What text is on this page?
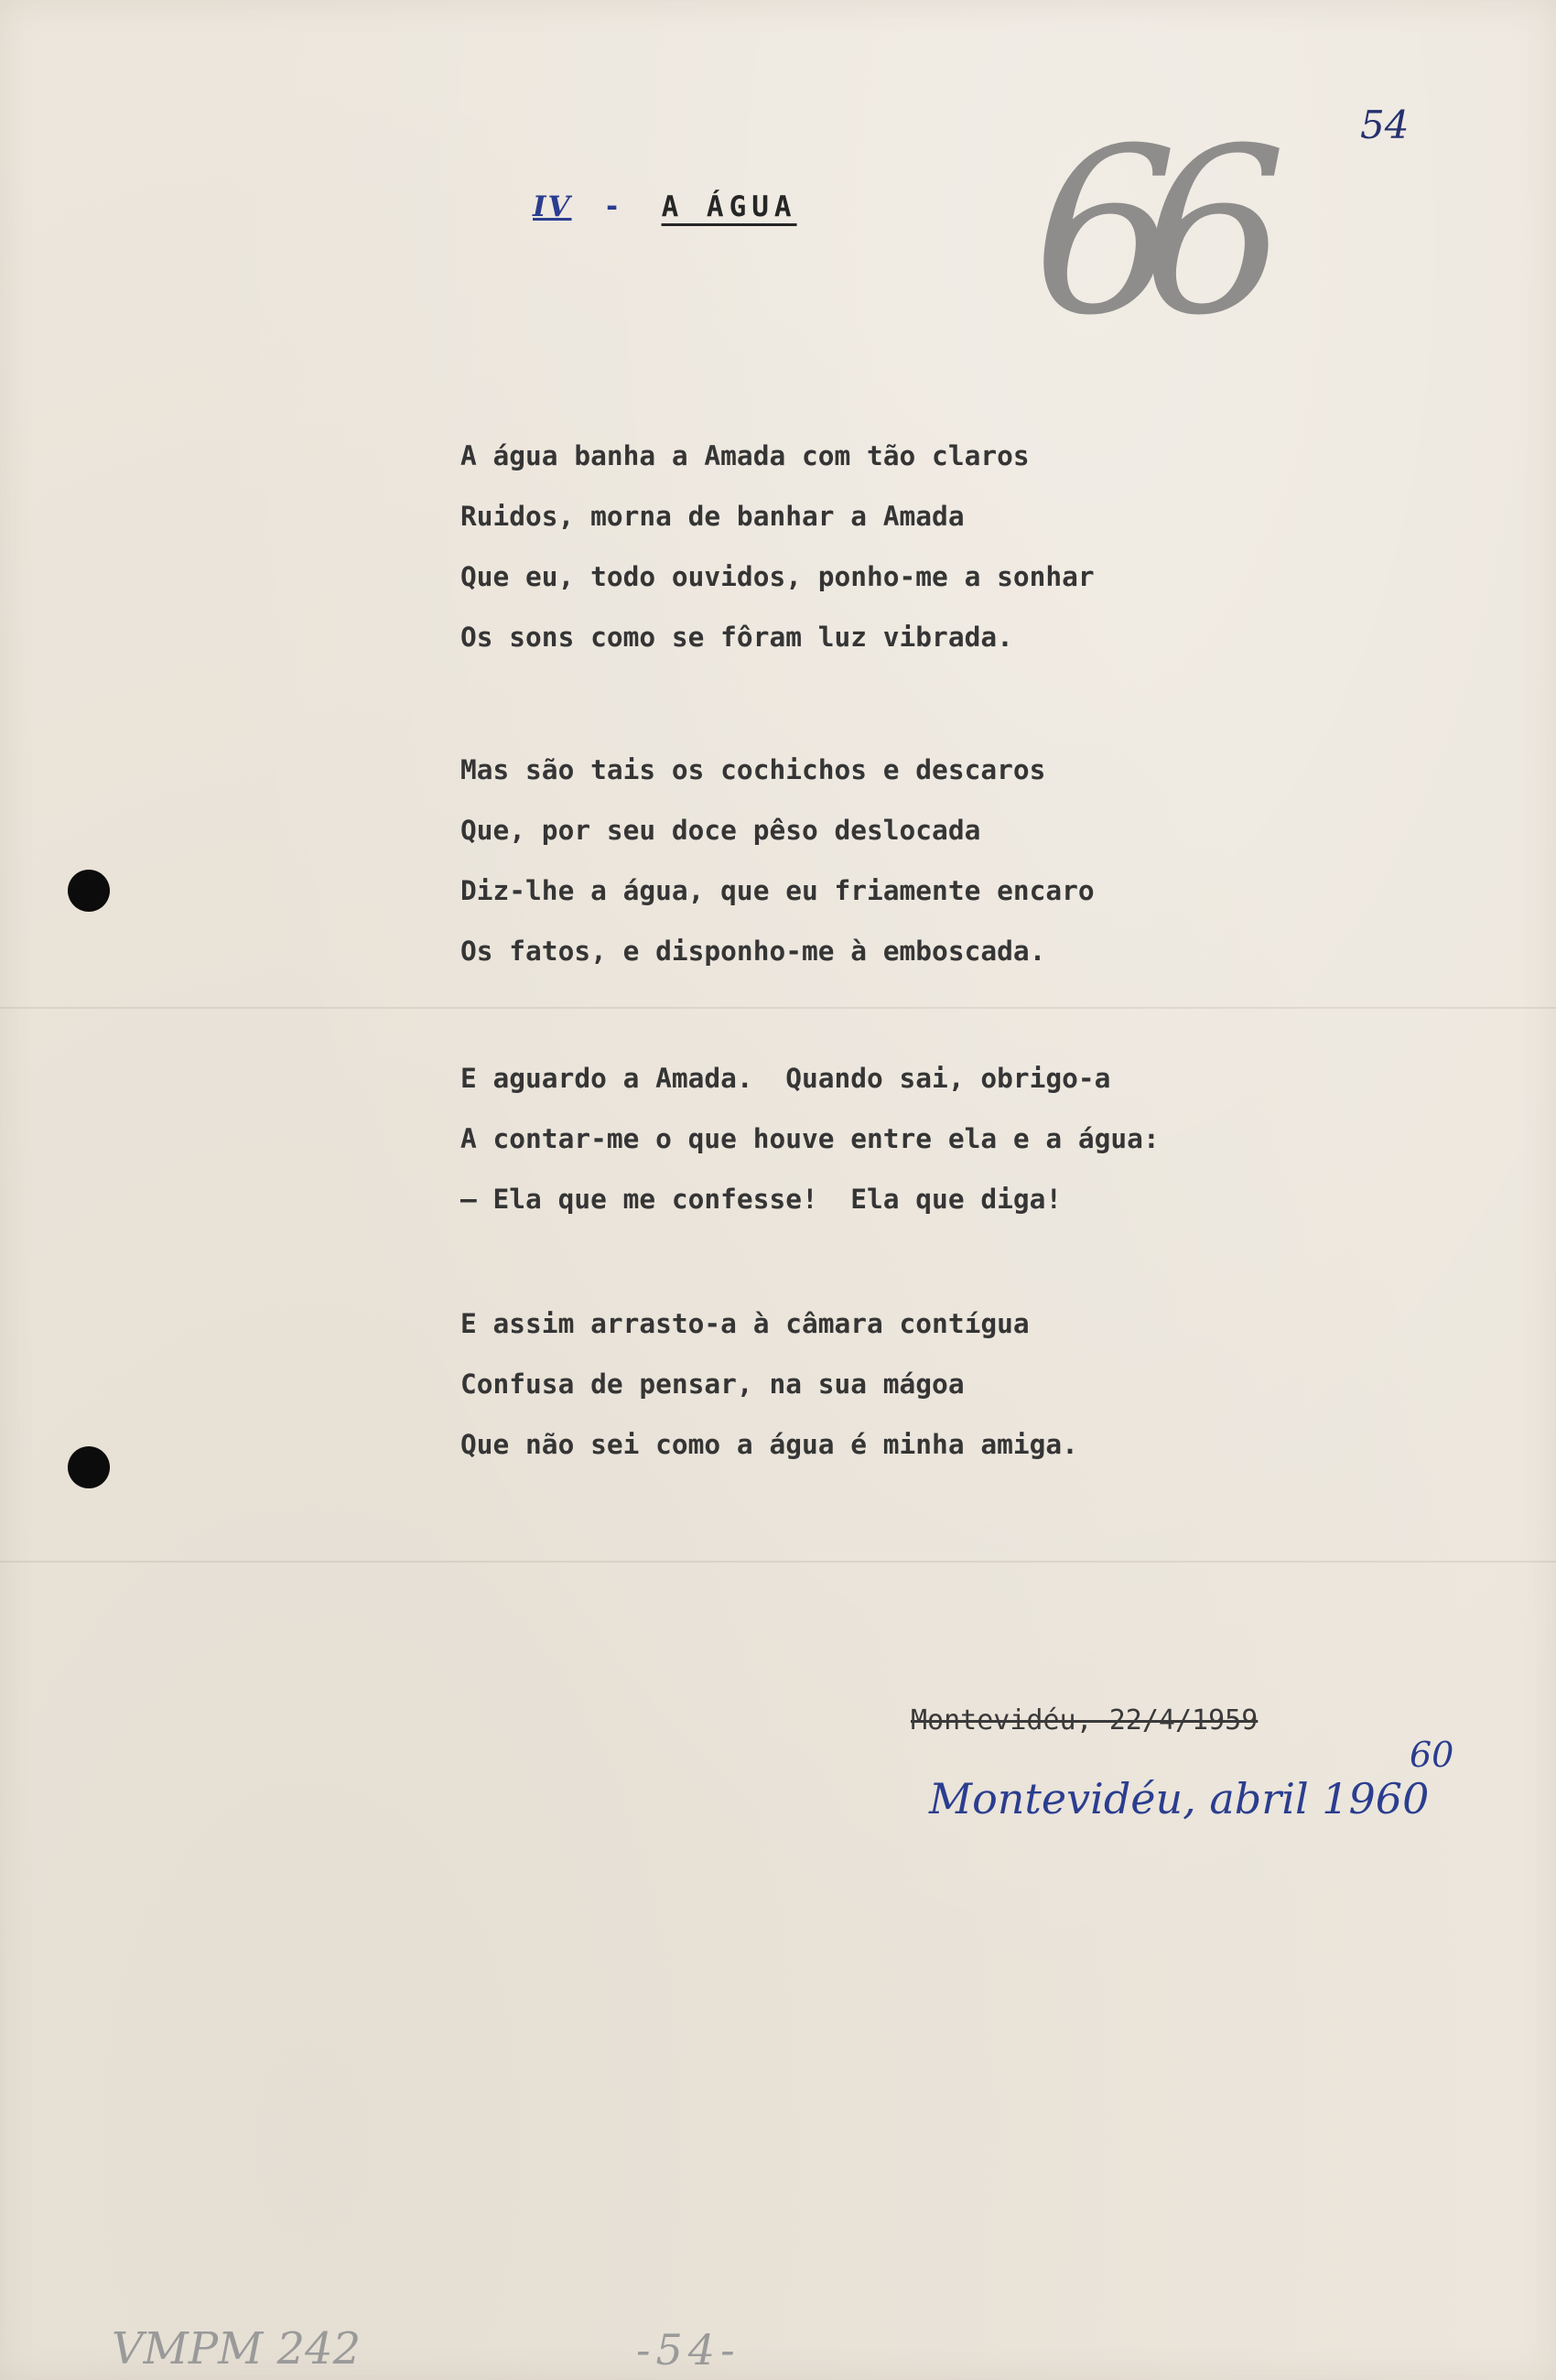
66	54
IV - A ÁGUA
A água banha a Amada com tão claros
Ruidos, morna de banhar a Amada
Que eu, todo ouvidos, ponho-me a sonhar
Os sons como se fôram luz vibrada.
Mas são tais os cochichos e descaros
Que, por seu doce pêso deslocada
Diz-lhe a água, que eu friamente encaro
Os fatos, e disponho-me à emboscada.
E aguardo a Amada.  Quando sai, obrigo-a
A contar-me o que houve entre ela e a água:
— Ela que me confesse!  Ela que diga!
E assim arrasto-a à câmara contígua
Confusa de pensar, na sua mágoa
Que não sei como a água é minha amiga.
Montevidéu, 22/4/1959
60
Montevidéu, abril 1960
VMPM 242	-54-
